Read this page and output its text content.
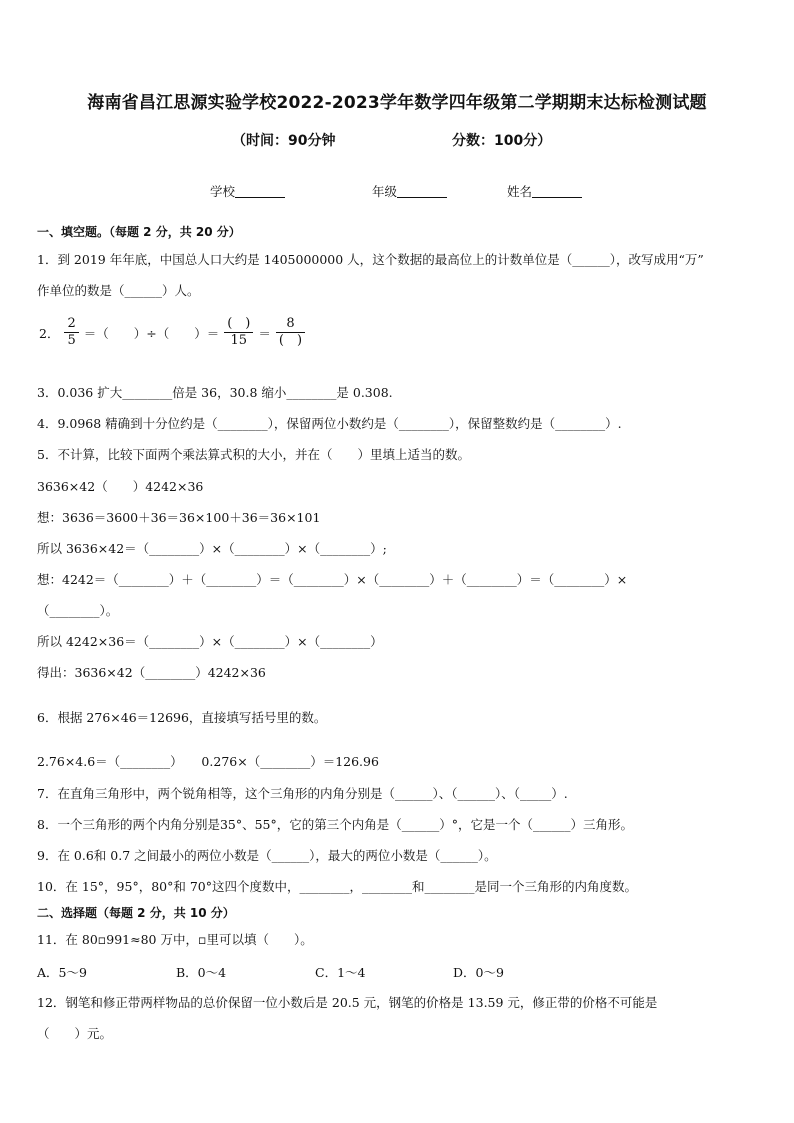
海南省昌江思源实验学校2022-2023学年数学四年级第二学期期末达标检测试题
（时间：90分钟	分数：100分）
学校	年级	姓名
一、填空题。（每题 2 分，共 20 分）
1．到 2019 年年底，中国总人口大约是 1405000000 人，这个数据的最高位上的计数单位是（______），改写成用“万”
作单位的数是（______）人。
2． $\frac{2}{5}$ ＝（　　）÷（　　）＝ $\frac{( )}{15} = \frac{8}{( )}$
3．0.036 扩大________倍是 36，30.8 缩小________是 0.308.
4．9.0968 精确到十分位约是（________），保留两位小数约是（________），保留整数约是（________）.
5．不计算，比较下面两个乘法算式积的大小，并在（　　）里填上适当的数。
3636×42（　　）4242×36
想：3636＝3600＋36＝36×100＋36＝36×101
所以 3636×42＝（________）×（________）×（________）;
想：4242＝（________）＋（________）＝（________）×（________）＋（________）＝（________）×
（________）。
所以 4242×36＝（________）×（________）×（________）
得出：3636×42（________）4242×36
6．根据 276×46＝12696，直接填写括号里的数。
2.76×4.6＝（________）　　0.276×（________）＝126.96
7．在直角三角形中，两个锐角相等，这个三角形的内角分别是（______）、（______）、（_____）.
8．一个三角形的两个内角分别是35°、55°，它的第三个内角是（______）°，它是一个（______）三角形。
9．在 0.6和 0.7 之间最小的两位小数是（______），最大的两位小数是（______）。
10．在 15°，95°，80°和 70°这四个度数中，________，________和________是同一个三角形的内角度数。
二、选择题（每题 2 分，共 10 分）
11．在 80▫991≈80 万中，▫里可以填（　　）。
A．5～9	B．0～4	C．1～4	D．0～9
12．钢笔和修正带两样物品的总价保留一位小数后是 20.5 元，钢笔的价格是 13.59 元，修正带的价格不可能是
（　　）元。
